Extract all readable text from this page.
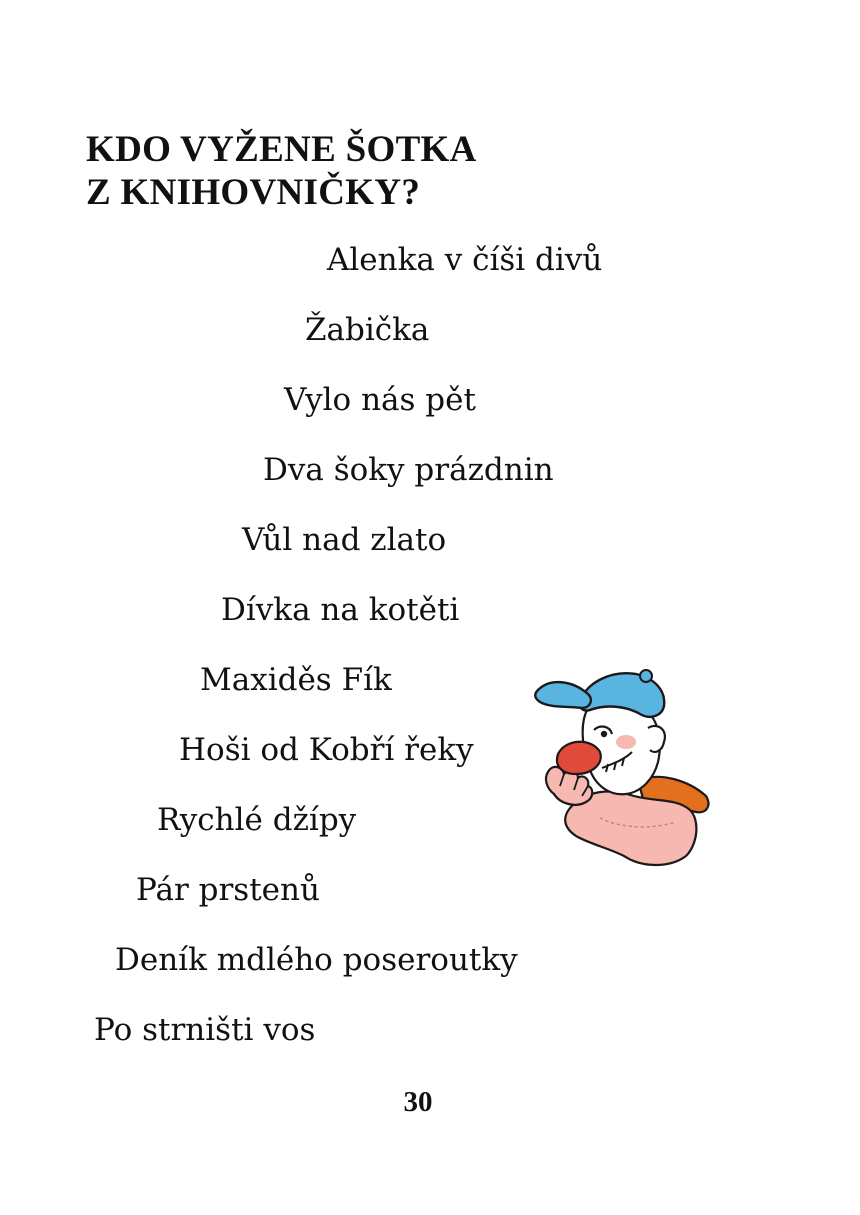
KDO VYŽENE ŠOTKA
Z KNIHOVNIČKY?
Alenka v číši divů
Žabička
Vylo nás pět
Dva šoky prázdnin
Vůl nad zlato
Dívka na kotěti
Maxiděs Fík
Hoši od Kobří řeky
Rychlé džípy
Pár prstenů
Deník mdlého poseroutky
Po strništi vos
30
